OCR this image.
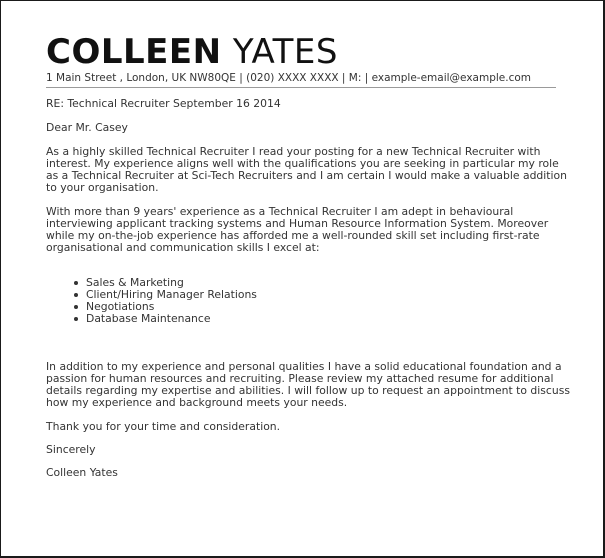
COLLEEN YATES
1 Main Street , London, UK NW80QE | (020) XXXX XXXX | M: | example-email@example.com

RE: Technical Recruiter September 16 2014

Dear Mr. Casey

As a highly skilled Technical Recruiter I read your posting for a new Technical Recruiter with interest. My experience aligns well with the qualifications you are seeking in particular my role as a Technical Recruiter at Sci-Tech Recruiters and I am certain I would make a valuable addition to your organisation.

With more than 9 years' experience as a Technical Recruiter I am adept in behavioural interviewing applicant tracking systems and Human Resource Information System. Moreover while my on-the-job experience has afforded me a well-rounded skill set including first-rate organisational and communication skills I excel at:

Sales & Marketing
Client/Hiring Manager Relations
Negotiations
Database Maintenance

In addition to my experience and personal qualities I have a solid educational foundation and a passion for human resources and recruiting. Please review my attached resume for additional details regarding my expertise and abilities. I will follow up to request an appointment to discuss how my experience and background meets your needs.

Thank you for your time and consideration.

Sincerely

Colleen Yates
